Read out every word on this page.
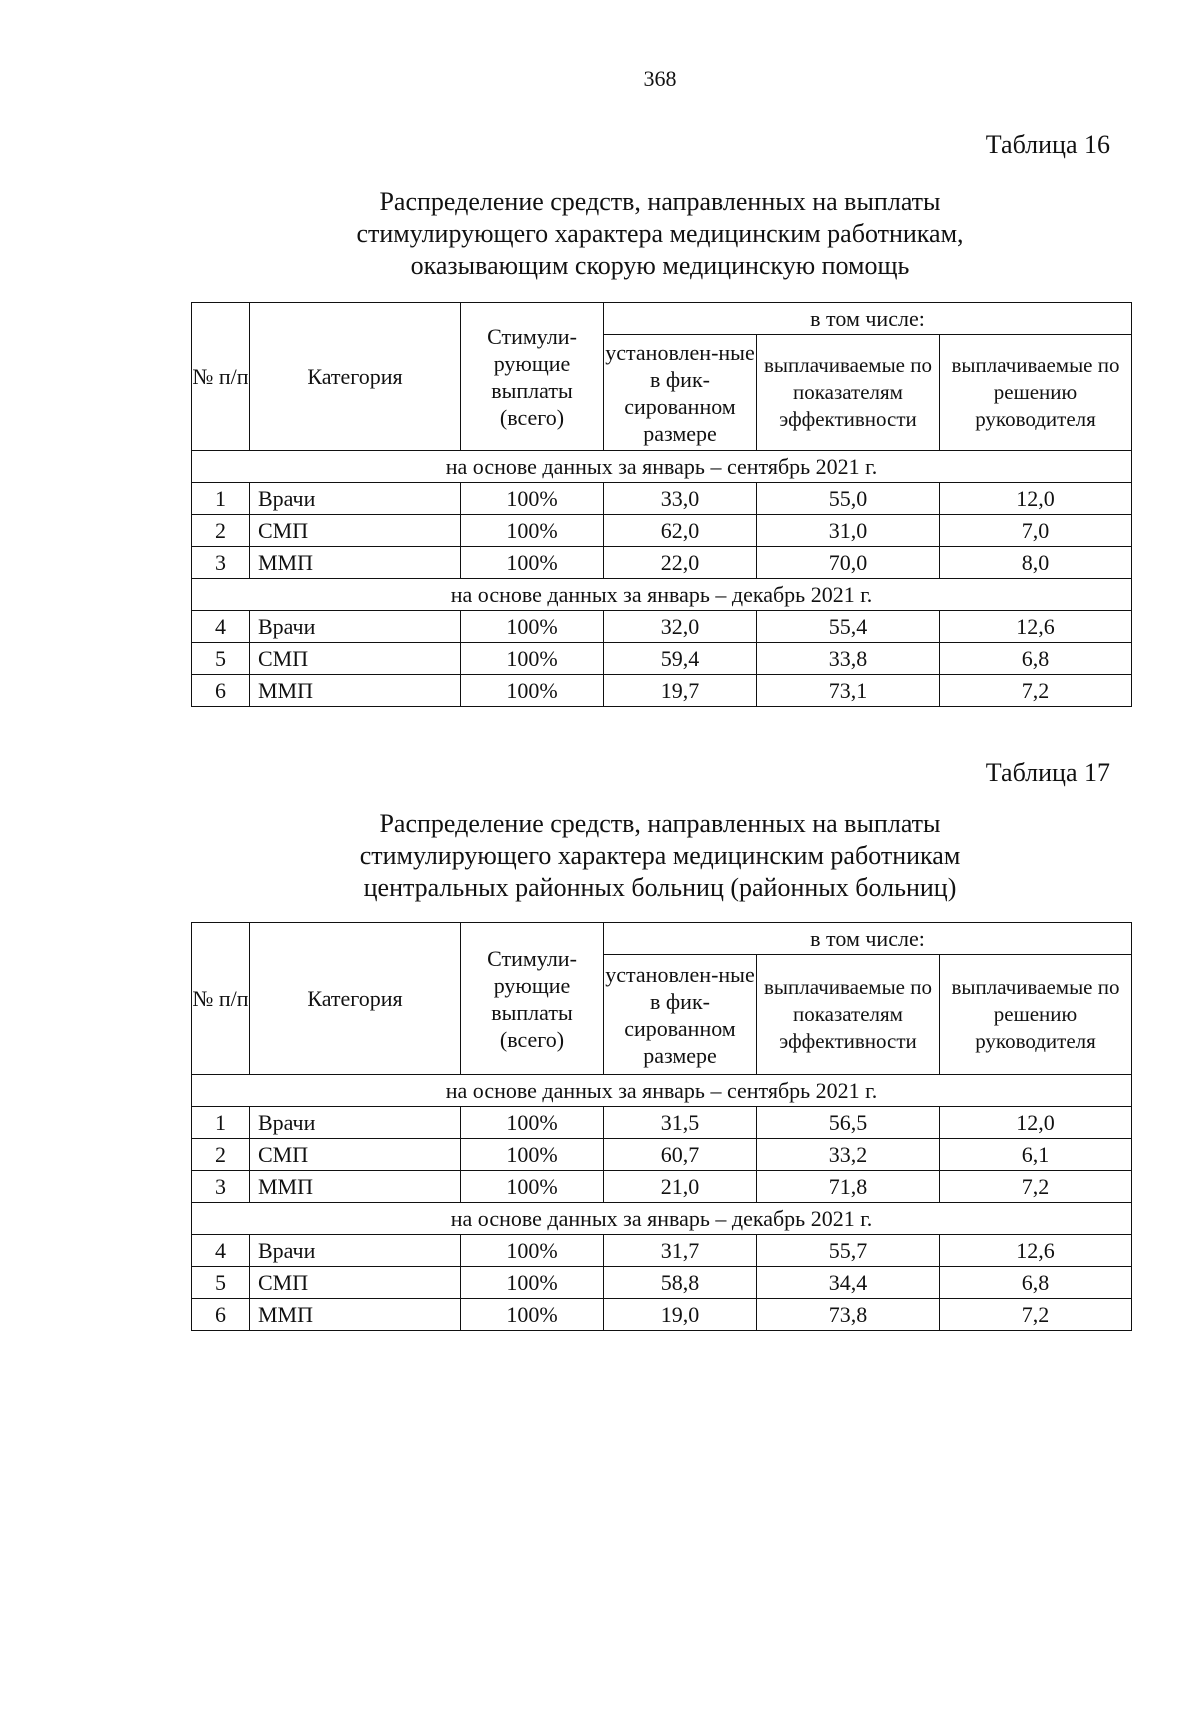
368
Таблица 16
Распределение средств, направленных на выплаты
стимулирующего характера медицинским работникам,
оказывающим скорую медицинскую помощь
№ п/п	Категория	Стимули-рующие выплаты (всего)	в том числе:		
			установлен-ные в фик-сированном размере	выплачиваемые по показателям эффективности	выплачиваемые по решению руководителя
на основе данных за январь – сентябрь 2021 г.					
1	Врачи	100%	33,0	55,0	12,0
2	СМП	100%	62,0	31,0	7,0
3	ММП	100%	22,0	70,0	8,0
на основе данных за январь – декабрь 2021 г.					
4	Врачи	100%	32,0	55,4	12,6
5	СМП	100%	59,4	33,8	6,8
6	ММП	100%	19,7	73,1	7,2
Таблица 17
Распределение средств, направленных на выплаты
стимулирующего характера медицинским работникам
центральных районных больниц (районных больниц)
№ п/п	Категория	Стимули-рующие выплаты (всего)	в том числе:		
			установлен-ные в фик-сированном размере	выплачиваемые по показателям эффективности	выплачиваемые по решению руководителя
на основе данных за январь – сентябрь 2021 г.					
1	Врачи	100%	31,5	56,5	12,0
2	СМП	100%	60,7	33,2	6,1
3	ММП	100%	21,0	71,8	7,2
на основе данных за январь – декабрь 2021 г.					
4	Врачи	100%	31,7	55,7	12,6
5	СМП	100%	58,8	34,4	6,8
6	ММП	100%	19,0	73,8	7,2
